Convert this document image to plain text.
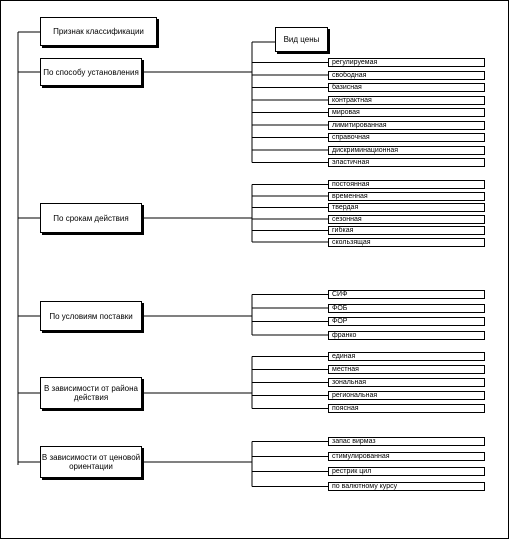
Признак классификации
Вид цены
По способу установления
регулируемая
свободная
базисная
контрактная
мировая
лимитированная
справочная
дискриминационная
эластичная
По срокам действия
постоянная
временная
твердая
сезонная
гибкая
скользящая
По условиям поставки
СИФ
ФОБ
ФОР
франко
В зависимости от района действия
единая
местная
зональная
региональная
поясная
В зависимости от ценовой ориентации
запас вирмаз
стимулированная
рестрик цил
по валютному курсу
